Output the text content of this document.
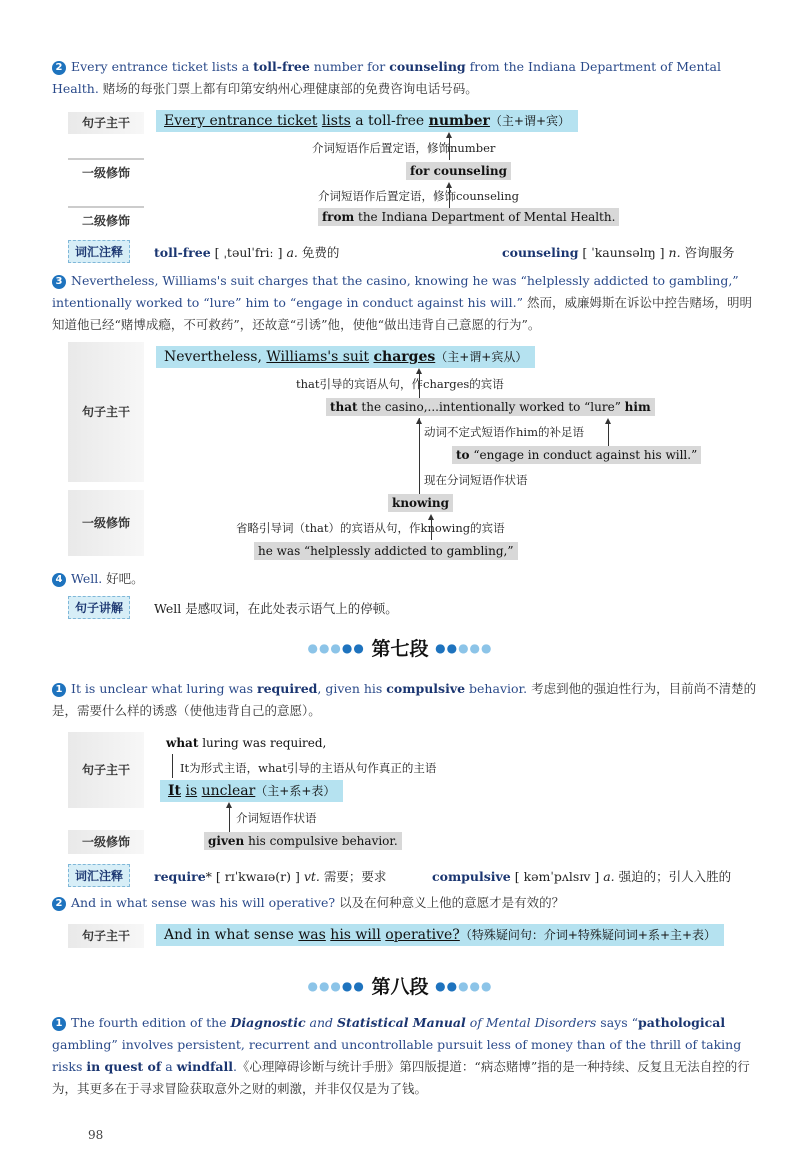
2 Every entrance ticket lists a toll-free number for counseling from the Indiana Department of Mental Health. 赌场的每张门票上都有印第安纳州心理健康部的免费咨询电话号码。
句子主干
一级修饰
二级修饰
Every entrance ticket lists a toll-free number（主+谓+宾）
介词短语作后置定语，修饰number
for counseling
介词短语作后置定语，修饰counseling
from the Indiana Department of Mental Health.
词汇注释	toll-free [ ˌtəulˈfriː ] a. 免费的	counseling [ ˈkaunsəlɪŋ ] n. 咨询服务
3 Nevertheless, Williams's suit charges that the casino, knowing he was “helplessly addicted to gambling,” intentionally worked to “lure” him to “engage in conduct against his will.” 然而，威廉姆斯在诉讼中控告赌场，明明知道他已经“赌博成瘾，不可救药”，还故意“引诱”他，使他“做出违背自己意愿的行为”。
句子主干
一级修饰
Nevertheless, Williams's suit charges（主+谓+宾从）
that引导的宾语从句，作charges的宾语
that the casino,...intentionally worked to “lure” him
动词不定式短语作him的补足语
to “engage in conduct against his will.”
现在分词短语作状语
knowing
省略引导词（that）的宾语从句，作knowing的宾语
he was “helplessly addicted to gambling,”
4 Well. 好吧。
句子讲解	Well 是感叹词，在此处表示语气上的停顿。
●●●●● 第七段 ●●●●●
1 It is unclear what luring was required, given his compulsive behavior. 考虑到他的强迫性行为，目前尚不清楚的是，需要什么样的诱惑（使他违背自己的意愿）。
句子主干
一级修饰
what luring was required,
It为形式主语，what引导的主语从句作真正的主语
It is unclear（主+系+表）
介词短语作状语
given his compulsive behavior.
词汇注释	require* [ rɪˈkwaɪə(r) ] vt. 需要；要求	compulsive [ kəmˈpʌlsɪv ] a. 强迫的；引人入胜的
2 And in what sense was his will operative? 以及在何种意义上他的意愿才是有效的？
句子主干	And in what sense was his will operative?（特殊疑问句：介词+特殊疑问词+系+主+表）
●●●●● 第八段 ●●●●●
1 The fourth edition of the Diagnostic and Statistical Manual of Mental Disorders says “pathological gambling” involves persistent, recurrent and uncontrollable pursuit less of money than of the thrill of taking risks in quest of a windfall.《心理障碍诊断与统计手册》第四版提道：“病态赌博”指的是一种持续、反复且无法自控的行为，其更多在于寻求冒险获取意外之财的刺激，并非仅仅是为了钱。
98
